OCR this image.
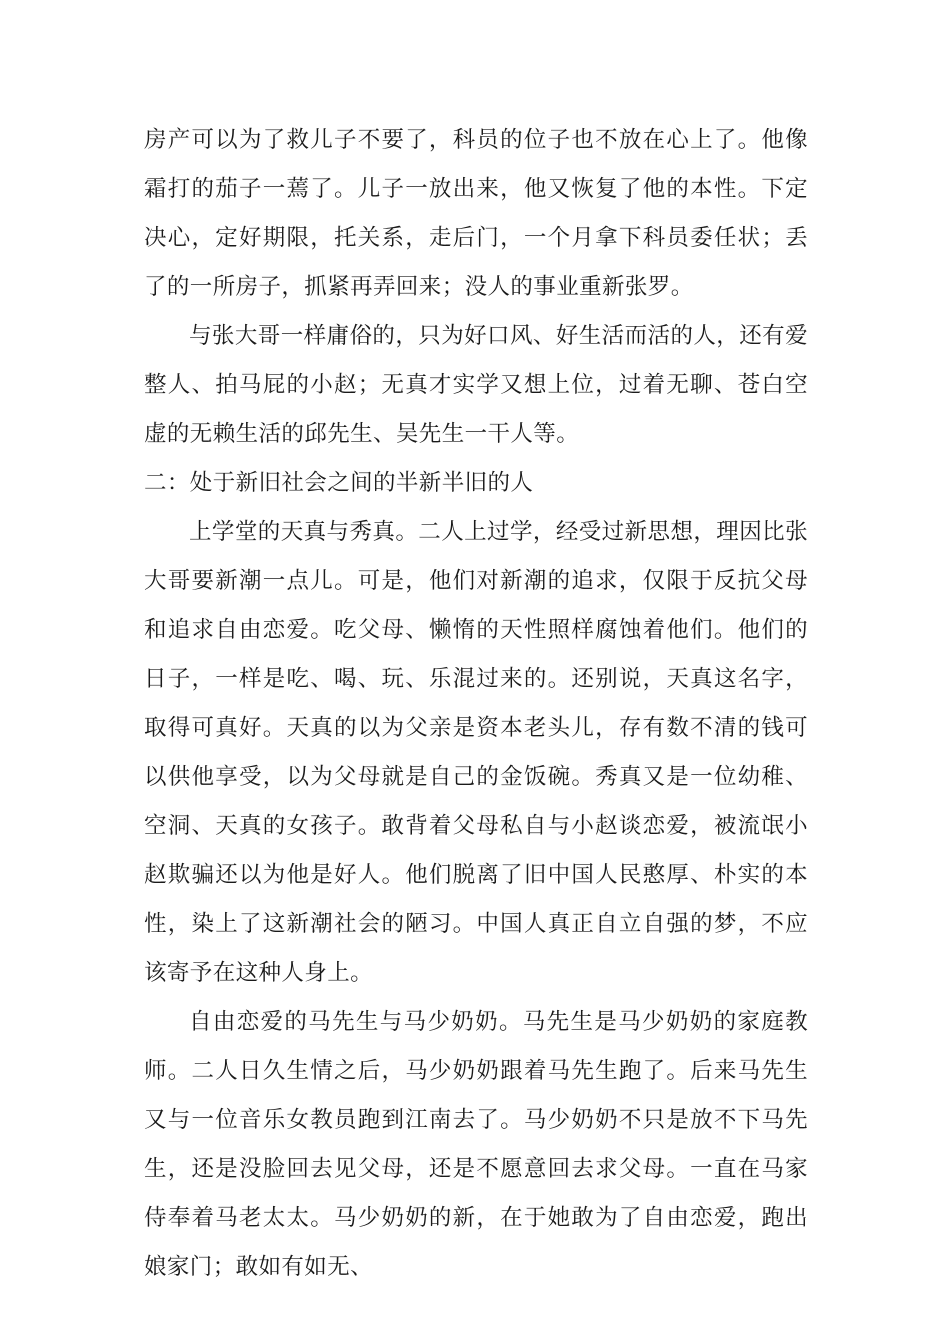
房产可以为了救儿子不要了，科员的位子也不放在心上了。他像霜打的茄子一蔫了。儿子一放出来，他又恢复了他的本性。下定决心，定好期限，托关系，走后门，一个月拿下科员委任状；丢了的一所房子，抓紧再弄回来；没人的事业重新张罗。

与张大哥一样庸俗的，只为好口风、好生活而活的人，还有爱整人、拍马屁的小赵；无真才实学又想上位，过着无聊、苍白空虚的无赖生活的邱先生、吴先生一干人等。

二：处于新旧社会之间的半新半旧的人

上学堂的天真与秀真。二人上过学，经受过新思想，理因比张大哥要新潮一点儿。可是，他们对新潮的追求，仅限于反抗父母和追求自由恋爱。吃父母、懒惰的天性照样腐蚀着他们。他们的日子，一样是吃、喝、玩、乐混过来的。还别说，天真这名字，取得可真好。天真的以为父亲是资本老头儿，存有数不清的钱可以供他享受，以为父母就是自己的金饭碗。秀真又是一位幼稚、空洞、天真的女孩子。敢背着父母私自与小赵谈恋爱，被流氓小赵欺骗还以为他是好人。他们脱离了旧中国人民憨厚、朴实的本性，染上了这新潮社会的陋习。中国人真正自立自强的梦，不应该寄予在这种人身上。

自由恋爱的马先生与马少奶奶。马先生是马少奶奶的家庭教师。二人日久生情之后，马少奶奶跟着马先生跑了。后来马先生又与一位音乐女教员跑到江南去了。马少奶奶不只是放不下马先生，还是没脸回去见父母，还是不愿意回去求父母。一直在马家侍奉着马老太太。马少奶奶的新，在于她敢为了自由恋爱，跑出娘家门；敢如有如无、
